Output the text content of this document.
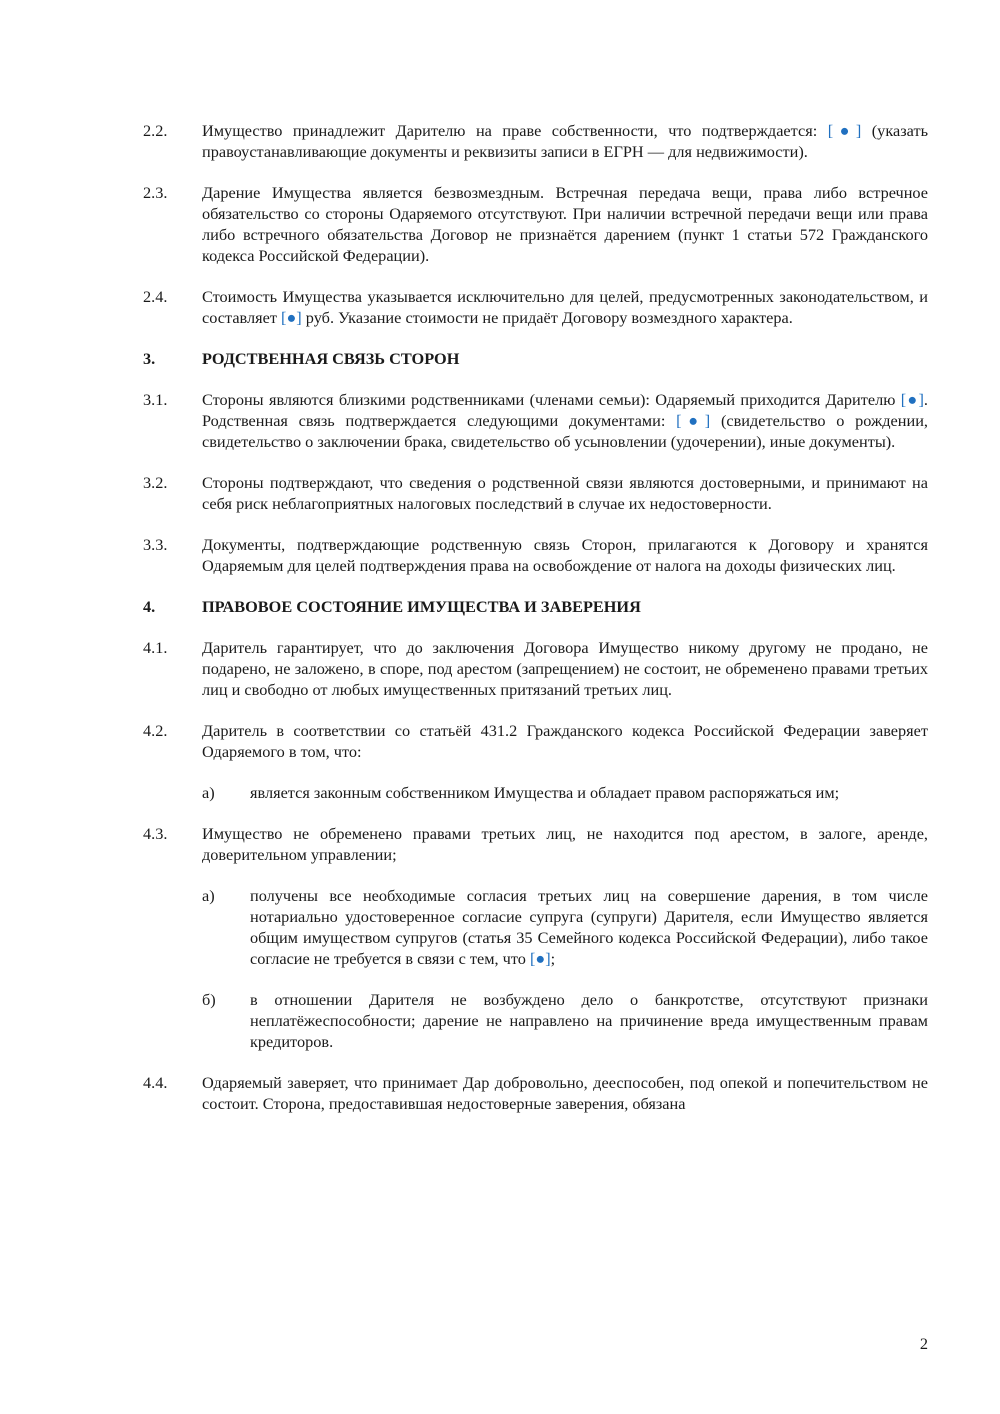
2.2.	Имущество принадлежит Дарителю на праве собственности, что подтверждается: [●] (указать правоустанавливающие документы и реквизиты записи в ЕГРН — для недвижимости).
2.3.	Дарение Имущества является безвозмездным. Встречная передача вещи, права либо встречное обязательство со стороны Одаряемого отсутствуют. При наличии встречной передачи вещи или права либо встречного обязательства Договор не признаётся дарением (пункт 1 статьи 572 Гражданского кодекса Российской Федерации).
2.4.	Стоимость Имущества указывается исключительно для целей, предусмотренных законодательством, и составляет [●] руб. Указание стоимости не придаёт Договору возмездного характера.
3.	РОДСТВЕННАЯ СВЯЗЬ СТОРОН
3.1.	Стороны являются близкими родственниками (членами семьи): Одаряемый приходится Дарителю [●]. Родственная связь подтверждается следующими документами: [●] (свидетельство о рождении, свидетельство о заключении брака, свидетельство об усыновлении (удочерении), иные документы).
3.2.	Стороны подтверждают, что сведения о родственной связи являются достоверными, и принимают на себя риск неблагоприятных налоговых последствий в случае их недостоверности.
3.3.	Документы, подтверждающие родственную связь Сторон, прилагаются к Договору и хранятся Одаряемым для целей подтверждения права на освобождение от налога на доходы физических лиц.
4.	ПРАВОВОЕ СОСТОЯНИЕ ИМУЩЕСТВА И ЗАВЕРЕНИЯ
4.1.	Даритель гарантирует, что до заключения Договора Имущество никому другому не продано, не подарено, не заложено, в споре, под арестом (запрещением) не состоит, не обременено правами третьих лиц и свободно от любых имущественных притязаний третьих лиц.
4.2.	Даритель в соответствии со статьёй 431.2 Гражданского кодекса Российской Федерации заверяет Одаряемого в том, что:
а)	является законным собственником Имущества и обладает правом распоряжаться им;
4.3.	Имущество не обременено правами третьих лиц, не находится под арестом, в залоге, аренде, доверительном управлении;
а)	получены все необходимые согласия третьих лиц на совершение дарения, в том числе нотариально удостоверенное согласие супруга (супруги) Дарителя, если Имущество является общим имуществом супругов (статья 35 Семейного кодекса Российской Федерации), либо такое согласие не требуется в связи с тем, что [●];
б)	в отношении Дарителя не возбуждено дело о банкротстве, отсутствуют признаки неплатёжеспособности; дарение не направлено на причинение вреда имущественным правам кредиторов.
4.4.	Одаряемый заверяет, что принимает Дар добровольно, дееспособен, под опекой и попечительством не состоит. Сторона, предоставившая недостоверные заверения, обязана
2
